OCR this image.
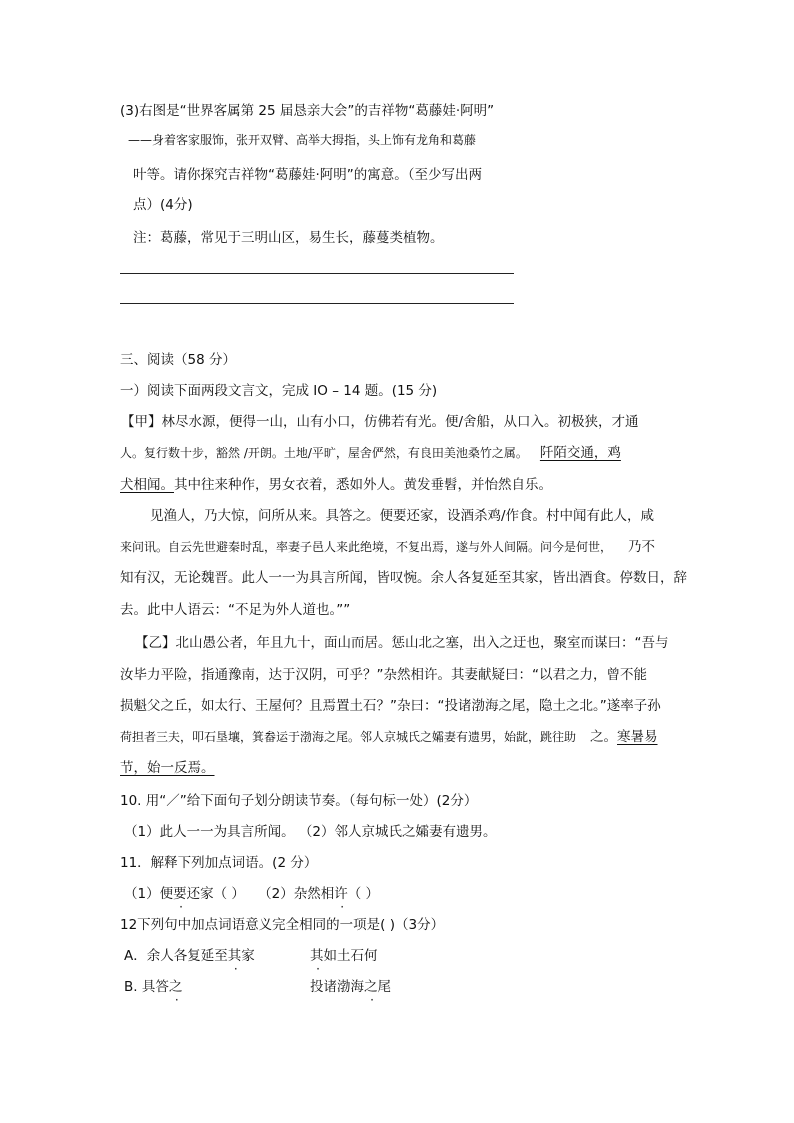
(3)右图是“世界客属第 25 届恳亲大会”的吉祥物“葛藤娃·阿明”

——身着客家服饰，张开双臂、高举大拇指，头上饰有龙角和葛藤

叶等。请你探究吉祥物“葛藤娃·阿明”的寓意。（至少写出两

点）(4分)

注：葛藤，常见于三明山区，易生长，藤蔓类植物。

三、阅读（58 分）

一）阅读下面两段文言文，完成 IO – 14 题。(15 分)

【甲】林尽水源，便得一山，山有小口，仿佛若有光。便/舍船，从口入。初极狭，才通

人。复行数十步，豁然 /开朗。土地/平旷，屋舍俨然，有良田美池桑竹之属。 阡陌交通，鸡

犬相闻。其中往来种作，男女衣着，悉如外人。黄发垂髫，并怡然自乐。

见渔人，乃大惊，问所从来。具答之。便要还家，设酒杀鸡/作食。村中闻有此人，咸

来问讯。自云先世避秦时乱，率妻子邑人来此绝境，不复出焉，遂与外人间隔。问今是何世， 乃不

知有汉，无论魏晋。此人一一为具言所闻，皆叹惋。余人各复延至其家，皆出酒食。停数日，辞

去。此中人语云：“不足为外人道也。””

【乙】北山愚公者，年且九十，面山而居。惩山北之塞，出入之迂也，聚室而谋曰：“吾与

汝毕力平险，指通豫南，达于汉阴，可乎？”杂然相许。其妻献疑曰：“以君之力，曾不能

损魁父之丘，如太行、王屋何？且焉置土石？”杂曰：“投诸渤海之尾，隐土之北。”遂率子孙

荷担者三夫，叩石垦壤，箕畚运于渤海之尾。邻人京城氏之孀妻有遗男，始龀，跳往助 之。寒暑易

节，始一反焉。

10. 用“／”给下面句子划分朗读节奏。（每句标一处）(2分）

（1）此人一一为具言所闻。 （2）邻人京城氏之孀妻有遗男。

11．解释下列加点词语。(2 分）

（1）便要还家（ ） （2）杂然相许（ ）

12下列句中加点词语意义完全相同的一项是( )（3分）

A．余人各复延至其家	其如土石何

B. 具答之	投诸渤海之尾
